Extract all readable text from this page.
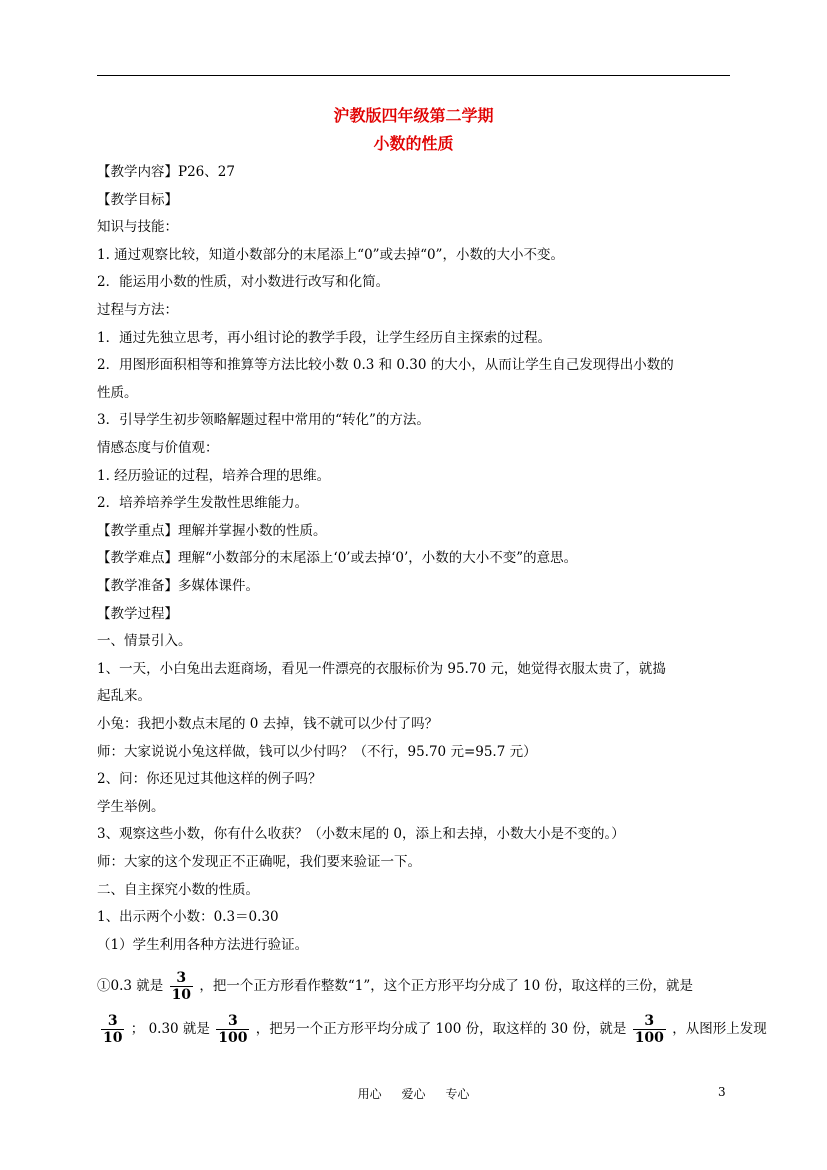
沪教版四年级第二学期
小数的性质
【教学内容】P26、27
【教学目标】
知识与技能：
1. 通过观察比较，知道小数部分的末尾添上“0”或去掉“0”，小数的大小不变。
2．能运用小数的性质，对小数进行改写和化简。
过程与方法：
1．通过先独立思考，再小组讨论的教学手段，让学生经历自主探索的过程。
2．用图形面积相等和推算等方法比较小数 0.3 和 0.30 的大小，从而让学生自己发现得出小数的
性质。
3．引导学生初步领略解题过程中常用的“转化”的方法。
情感态度与价值观：
1. 经历验证的过程，培养合理的思维。
2．培养培养学生发散性思维能力。
【教学重点】理解并掌握小数的性质。
【教学难点】理解“小数部分的末尾添上‘0’或去掉‘0’，小数的大小不变”的意思。
【教学准备】多媒体课件。
【教学过程】
一、情景引入。
1、一天，小白兔出去逛商场，看见一件漂亮的衣服标价为 95.70 元，她觉得衣服太贵了，就捣
起乱来。
小兔：我把小数点末尾的 0 去掉，钱不就可以少付了吗？
师：大家说说小兔这样做，钱可以少付吗？（不行，95.70 元=95.7 元）
2、问：你还见过其他这样的例子吗？
学生举例。
3、观察这些小数，你有什么收获？（小数末尾的 0，添上和去掉，小数大小是不变的。）
师：大家的这个发现正不正确呢，我们要来验证一下。
二、自主探究小数的性质。
1、出示两个小数：0.3＝0.30
（1）学生利用各种方法进行验证。
①0.3 就是 $\frac{3}{10}$ ，把一个正方形看作整数“1”，这个正方形平均分成了 10 份，取这样的三份，就是
$\frac{3}{10}$ ； 0.30 就是 $\frac{3}{100}$ ，把另一个正方形平均分成了 100 份，取这样的 30 份，就是 $\frac{3}{100}$ ，从图形上发现
用心 爱心 专心	3
